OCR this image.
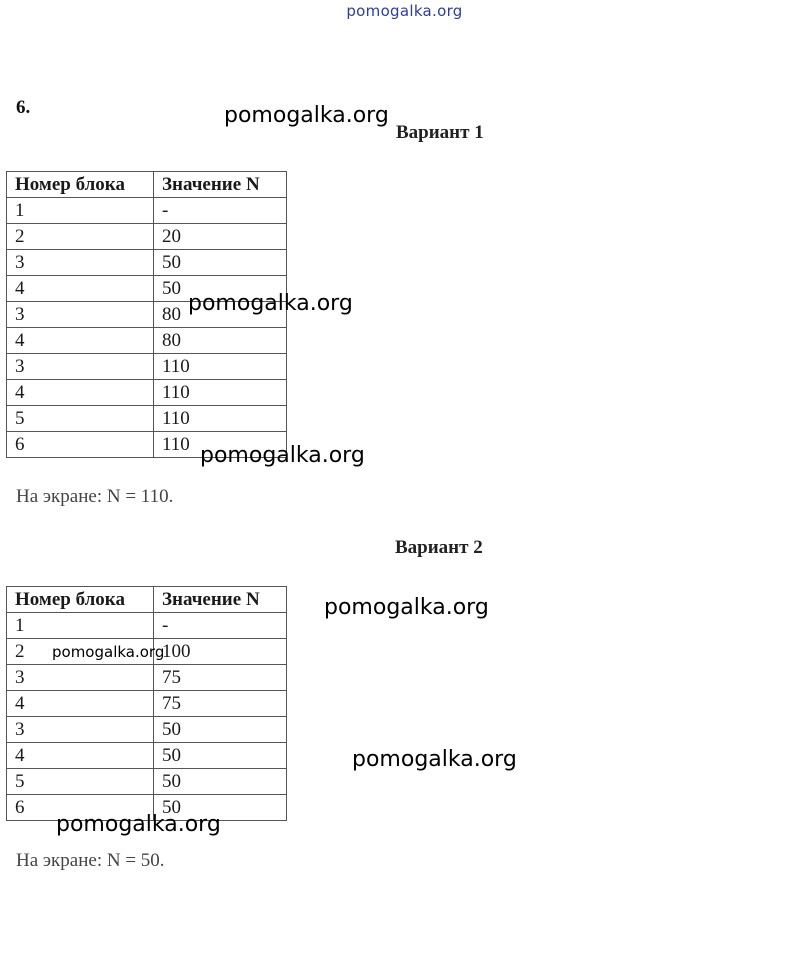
pomogalka.org
6.
Вариант 1
Номер блока	Значение N
1	-
2	20
3	50
4	50
3	80
4	80
3	110
4	110
5	110
6	110
На экране: N = 110.
Вариант 2
Номер блока	Значение N
1	-
2	100
3	75
4	75
3	50
4	50
5	50
6	50
На экране: N = 50.
pomogalka.org
pomogalka.org
pomogalka.org
pomogalka.org
pomogalka.org
pomogalka.org
pomogalka.org
